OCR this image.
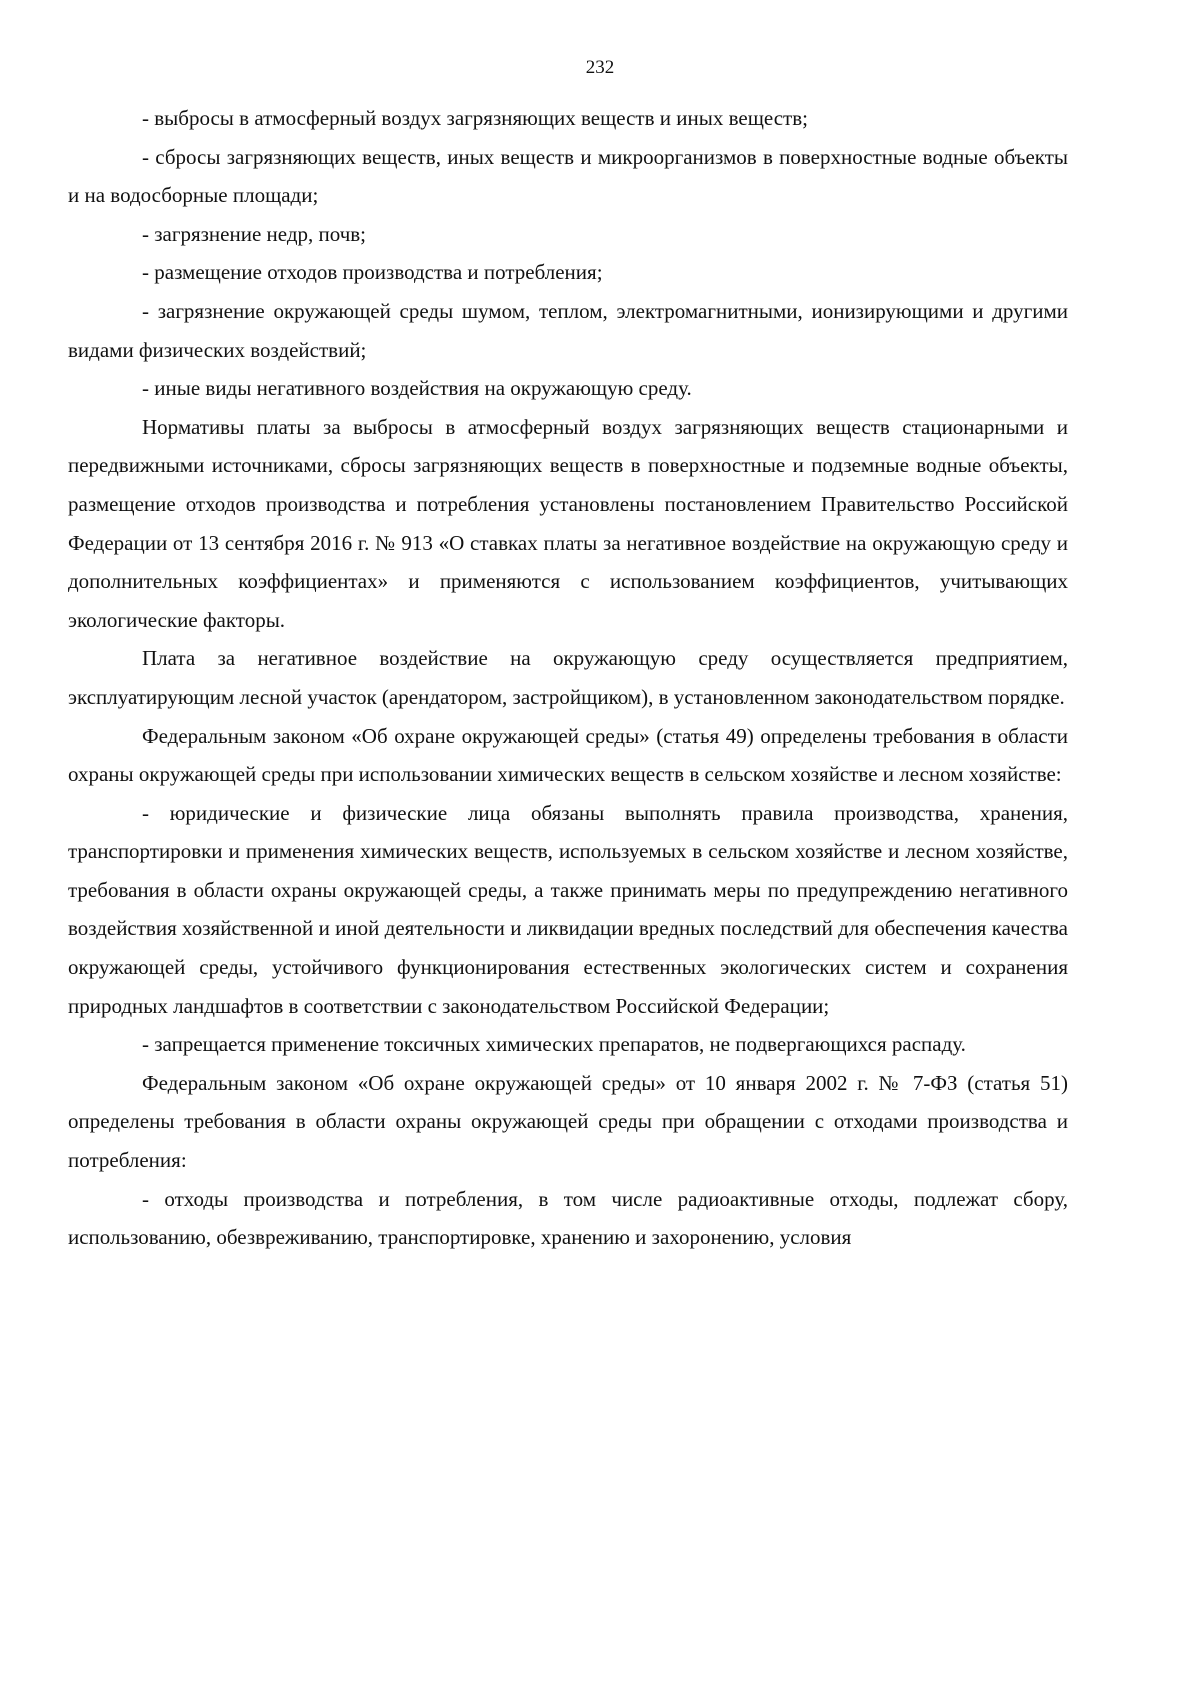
232

- выбросы в атмосферный воздух загрязняющих веществ и иных веществ;

- сбросы загрязняющих веществ, иных веществ и микроорганизмов в поверхностные водные объекты и на водосборные площади;

- загрязнение недр, почв;

- размещение отходов производства и потребления;

- загрязнение окружающей среды шумом, теплом, электромагнитными, ионизирующими и другими видами физических воздействий;

- иные виды негативного воздействия на окружающую среду.

Нормативы платы за выбросы в атмосферный воздух загрязняющих веществ стационарными и передвижными источниками, сбросы загрязняющих веществ в поверхностные и подземные водные объекты, размещение отходов производства и потребления установлены постановлением Правительство Российской Федерации от 13 сентября 2016 г. № 913 «О ставках платы за негативное воздействие на окружающую среду и дополнительных коэффициентах» и применяются с использованием коэффициентов, учитывающих экологические факторы.

Плата за негативное воздействие на окружающую среду осуществляется предприятием, эксплуатирующим лесной участок (арендатором, застройщиком), в установленном законодательством порядке.

Федеральным законом «Об охране окружающей среды» (статья 49) определены требования в области охраны окружающей среды при использовании химических веществ в сельском хозяйстве и лесном хозяйстве:

- юридические и физические лица обязаны выполнять правила производства, хранения, транспортировки и применения химических веществ, используемых в сельском хозяйстве и лесном хозяйстве, требования в области охраны окружающей среды, а также принимать меры по предупреждению негативного воздействия хозяйственной и иной деятельности и ликвидации вредных последствий для обеспечения качества окружающей среды, устойчивого функционирования естественных экологических систем и сохранения природных ландшафтов в соответствии с законодательством Российской Федерации;

- запрещается применение токсичных химических препаратов, не подвергающихся распаду.

Федеральным законом «Об охране окружающей среды» от 10 января 2002 г. № 7-ФЗ (статья 51) определены требования в области охраны окружающей среды при обращении с отходами производства и потребления:

- отходы производства и потребления, в том числе радиоактивные отходы, подлежат сбору, использованию, обезвреживанию, транспортировке, хранению и захоронению, условия
